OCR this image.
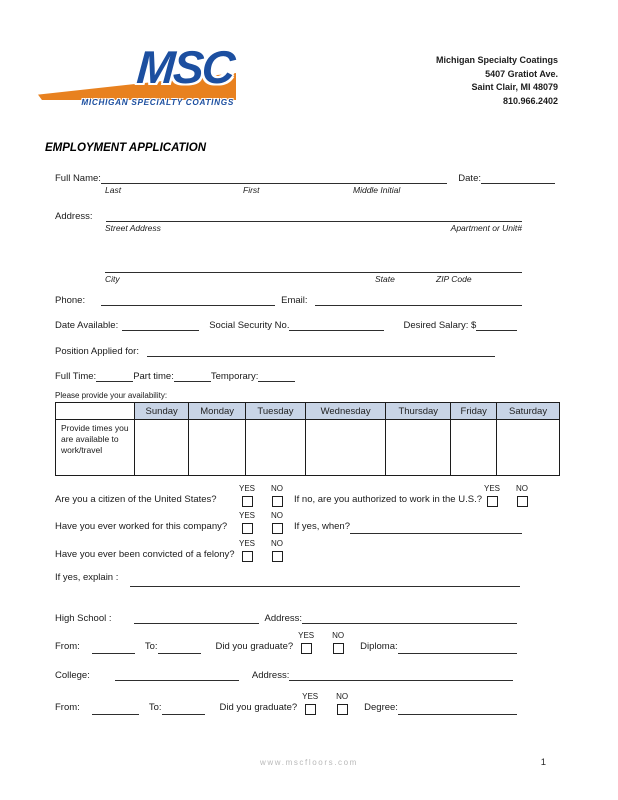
MSC
MICHIGAN SPECIALTY COATINGS
Michigan Specialty Coatings
5407 Gratiot Ave.
Saint Clair, MI 48079
810.966.2402
EMPLOYMENT APPLICATION
Full Name:	Date:
Last	First	Middle Initial
Address:
Street Address	Apartment or Unit#
City	State	ZIP Code
Phone:	Email:
Date Available:	Social Security No.	Desired Salary: $
Position Applied for:
Full Time:	Part time:	Temporary:
Please provide your availability:
	Sunday	Monday	Tuesday	Wednesday	Thursday	Friday	Saturday
Provide times you are available to work/travel							
Are you a citizen of the United States?
YES NO
If no, are you authorized to work in the U.S.?
YES NO
Have you ever worked for this company?
YES NO
If yes, when?
Have you ever been convicted of a felony?
YES NO
If yes, explain :
High School :	Address:
From:	To:	Did you graduate?
YES NO
Diploma:
College:	Address:
From:	To:	Did you graduate?
YES NO
Degree:
www.mscfloors.com	1
